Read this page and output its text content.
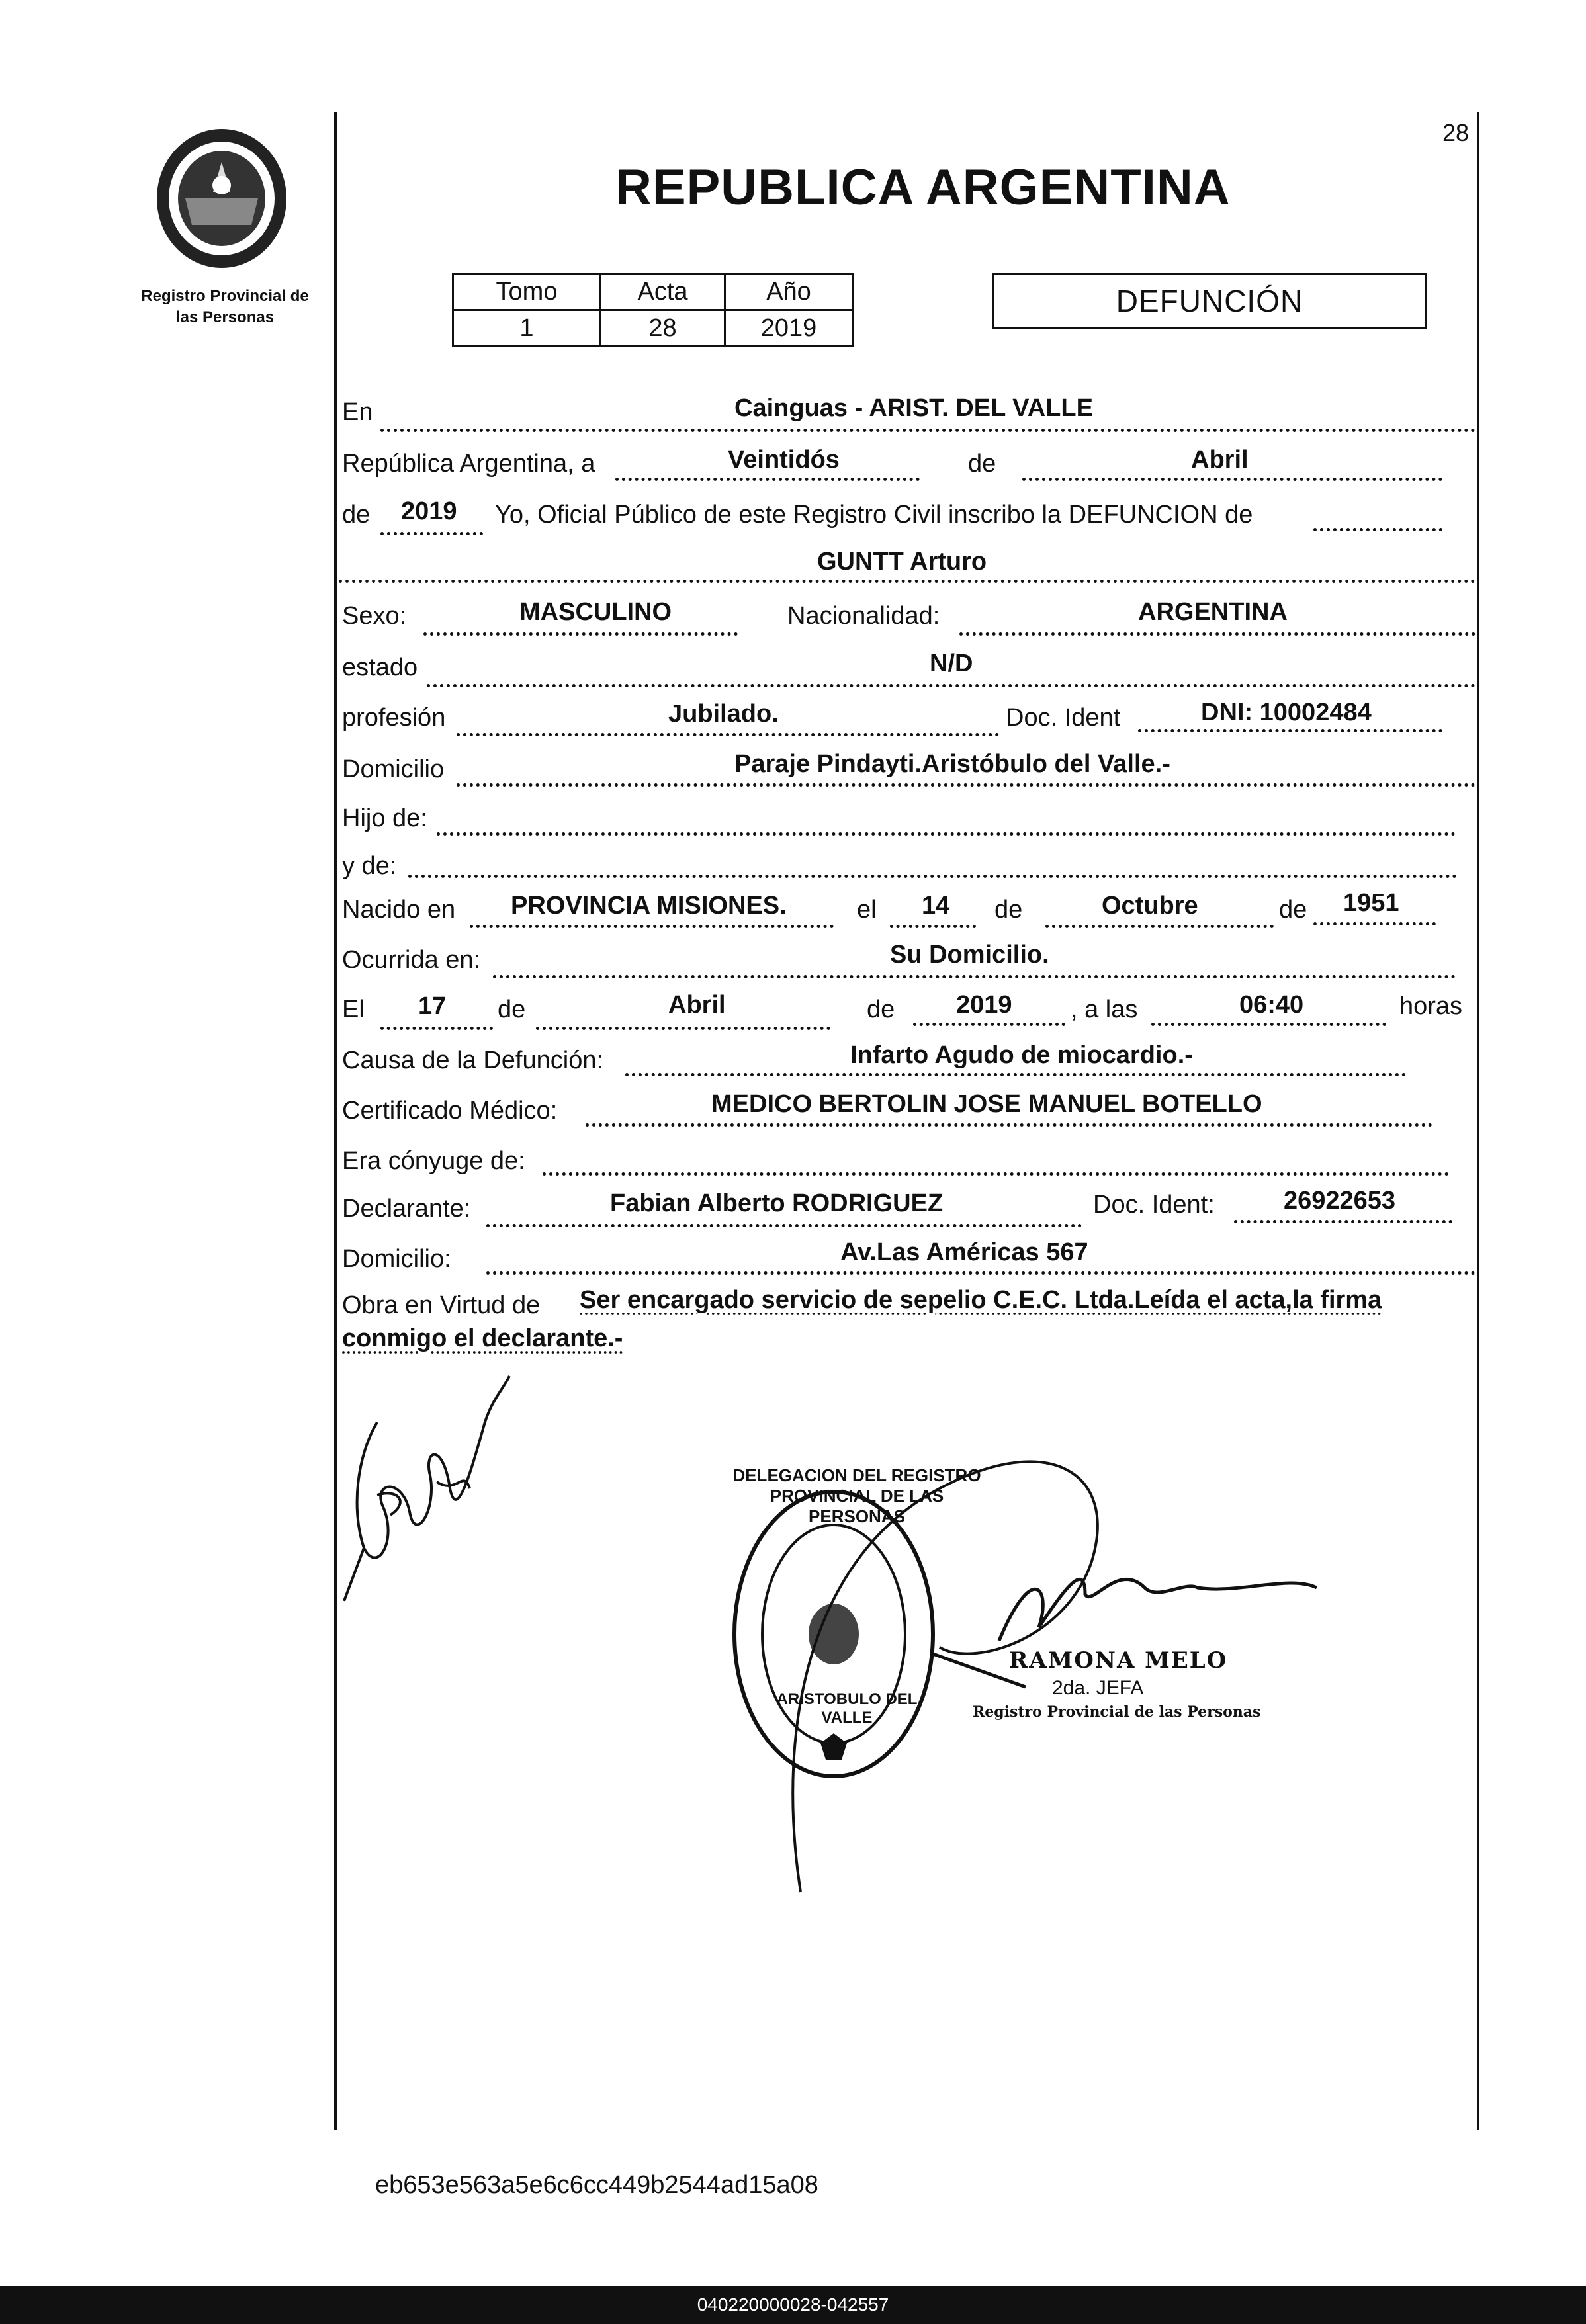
28
Registro Provincial de
las Personas
REPUBLICA ARGENTINA
Tomo	Acta	Año
1	28	2019
DEFUNCIÓN
En	Cainguas - ARIST. DEL VALLE
República Argentina, a	Veintidós	de	Abril
de 2019 Yo, Oficial Público de este Registro Civil inscribo la DEFUNCION de
GUNTT Arturo
Sexo:	MASCULINO	Nacionalidad:	ARGENTINA
estado	N/D
profesión	Jubilado.	Doc. Ident	DNI: 10002484
Domicilio	Paraje Pindayti.Aristóbulo del Valle.-
Hijo de:
y de:
Nacido en PROVINCIA MISIONES.	el 14 de	Octubre	de 1951
Ocurrida en:	Su Domicilio.
El 17 de	Abril	de 2019 , a las	06:40	horas
Causa de la Defunción:	Infarto Agudo de miocardio.-
Certificado Médico:	MEDICO BERTOLIN JOSE MANUEL BOTELLO
Era cónyuge de:
Declarante:	Fabian Alberto RODRIGUEZ	Doc. Ident:	26922653
Domicilio:	Av.Las Américas 567
Obra en Virtud de Ser encargado servicio de sepelio C.E.C. Ltda.Leída el acta,la firma
conmigo el declarante.-
DELEGACION DEL REGISTRO PROVINCIAL DE LAS PERSONAS
ARISTOBULO DEL VALLE
RAMONA MELO
2da. JEFA
Registro Provincial de las Personas
eb653e563a5e6c6cc449b2544ad15a08
040220000028-042557
